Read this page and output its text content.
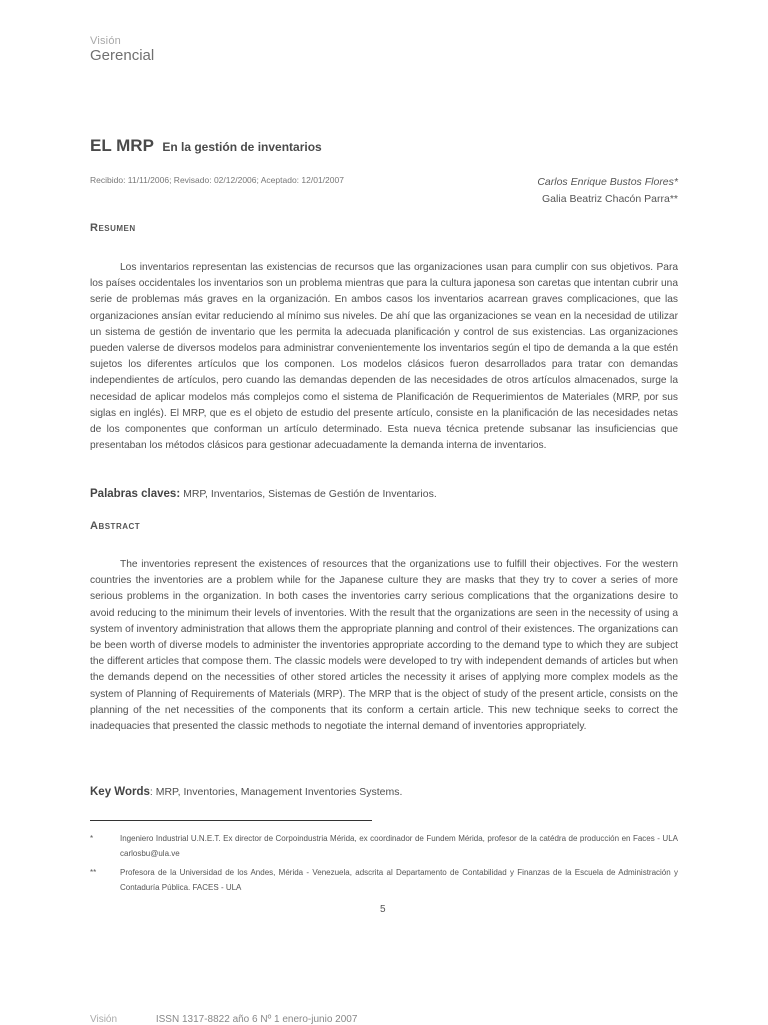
Visión
Gerencial
EL MRP En la gestión de inventarios
Recibido: 11/11/2006; Revisado: 02/12/2006; Aceptado: 12/01/2007	Carlos Enrique Bustos Flores*
Galia Beatriz Chacón Parra**
Resumen

Los inventarios representan las existencias de recursos que las organizaciones usan para cumplir con sus objetivos. Para los países occidentales los inventarios son un problema mientras que para la cultura japonesa son caretas que intentan cubrir una serie de problemas más graves en la organización. En ambos casos los inventarios acarrean graves complicaciones, que las organizaciones ansían evitar reduciendo al mínimo sus niveles. De ahí que las organizaciones se vean en la necesidad de utilizar un sistema de gestión de inventario que les permita la adecuada planificación y control de sus existencias. Las organizaciones pueden valerse de diversos modelos para administrar convenientemente los inventarios según el tipo de demanda a la que estén sujetos los diferentes artículos que los componen. Los modelos clásicos fueron desarrollados para tratar con demandas independientes de artículos, pero cuando las demandas dependen de las necesidades de otros artículos almacenados, surge la necesidad de aplicar modelos más complejos como el sistema de Planificación de Requerimientos de Materiales (MRP, por sus siglas en inglés). El MRP, que es el objeto de estudio del presente artículo, consiste en la planificación de las necesidades netas de los componentes que conforman un artículo determinado. Esta nueva técnica pretende subsanar las insuficiencias que presentaban los métodos clásicos para gestionar adecuadamente la demanda interna de inventarios.

Palabras claves: MRP, Inventarios, Sistemas de Gestión de Inventarios.
Abstract

The inventories represent the existences of resources that the organizations use to fulfill their objectives. For the western countries the inventories are a problem while for the Japanese culture they are masks that they try to cover a series of more serious problems in the organization. In both cases the inventories carry serious complications that the organizations desire to avoid reducing to the minimum their levels of inventories. With the result that the organizations are seen in the necessity of using a system of inventory administration that allows them the appropriate planning and control of their existences. The organizations can be been worth of diverse models to administer the inventories appropriate according to the demand type to which they are subject the different articles that compose them. The classic models were developed to try with independent demands of articles but when the demands depend on the necessities of other stored articles the necessity it arises of applying more complex models as the system of Planning of Requirements of Materials (MRP). The MRP that is the object of study of the present article, consists on the planning of the net necessities of the components that its conform a certain article. This new technique seeks to correct the inadequacies that presented the classic methods to negotiate the internal demand of inventories appropriately.

Key Words: MRP, Inventories, Management Inventories Systems.
*	Ingeniero Industrial U.N.E.T. Ex director de Corpoindustria Mérida, ex coordinador de Fundem Mérida, profesor de la catédra de producción en Faces - ULA carlosbu@ula.ve
**	Profesora de la Universidad de los Andes, Mérida - Venezuela, adscrita al Departamento de Contabilidad y Finanzas de la Escuela de Administración y Contaduría Pública. FACES - ULA
5
Visión	ISSN 1317-8822 año 6 Nº 1 enero-junio 2007
